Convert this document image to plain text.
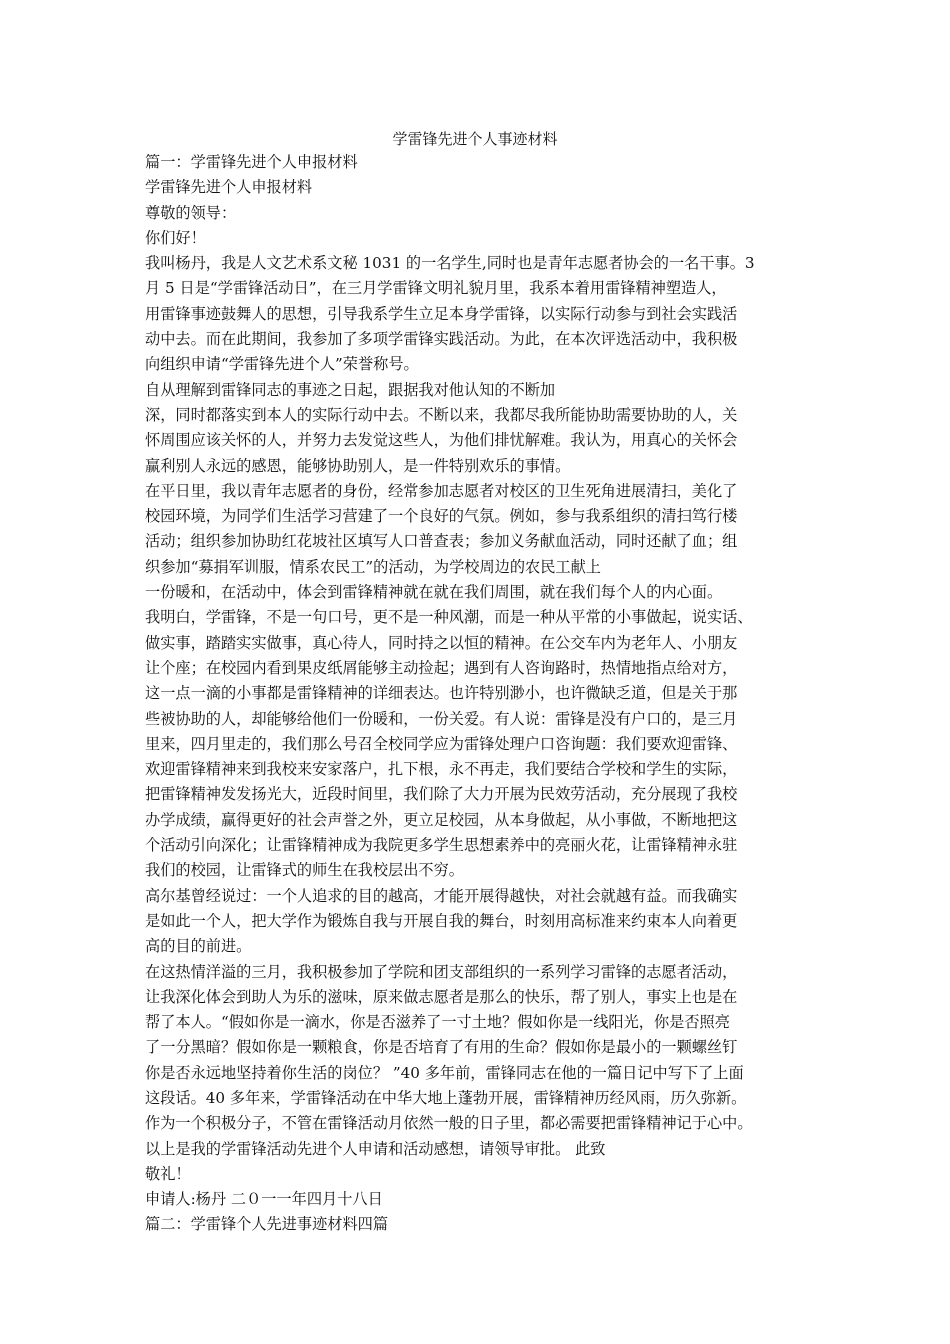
学雷锋先进个人事迹材料

篇一：学雷锋先进个人申报材料

学雷锋先进个人申报材料

尊敬的领导：

你们好！

我叫杨丹，我是人文艺术系文秘 1031 的一名学生,同时也是青年志愿者协会的一名干事。3

月 5 日是“学雷锋活动日”，在三月学雷锋文明礼貌月里，我系本着用雷锋精神塑造人，

用雷锋事迹鼓舞人的思想，引导我系学生立足本身学雷锋，以实际行动参与到社会实践活

动中去。而在此期间，我参加了多项学雷锋实践活动。为此，在本次评选活动中，我积极

向组织申请“学雷锋先进个人”荣誉称号。

自从理解到雷锋同志的事迹之日起，跟据我对他认知的不断加

深，同时都落实到本人的实际行动中去。不断以来，我都尽我所能协助需要协助的人，关

怀周围应该关怀的人，并努力去发觉这些人，为他们排忧解难。我认为，用真心的关怀会

赢利别人永远的感恩，能够协助别人，是一件特别欢乐的事情。

在平日里，我以青年志愿者的身份，经常参加志愿者对校区的卫生死角进展清扫，美化了

校园环境，为同学们生活学习营建了一个良好的气氛。例如，参与我系组织的清扫笃行楼

活动；组织参加协助红花坡社区填写人口普查表；参加义务献血活动，同时还献了血；组

织参加“募捐军训服，情系农民工”的活动，为学校周边的农民工献上

一份暖和，在活动中，体会到雷锋精神就在就在我们周围，就在我们每个人的内心面。

我明白，学雷锋，不是一句口号，更不是一种风潮，而是一种从平常的小事做起，说实话、

做实事，踏踏实实做事，真心待人，同时持之以恒的精神。在公交车内为老年人、小朋友

让个座；在校园内看到果皮纸屑能够主动捡起；遇到有人咨询路时，热情地指点给对方，

这一点一滴的小事都是雷锋精神的详细表达。也许特别渺小，也许微缺乏道，但是关于那

些被协助的人，却能够给他们一份暖和，一份关爱。有人说：雷锋是没有户口的，是三月

里来，四月里走的，我们那么号召全校同学应为雷锋处理户口咨询题：我们要欢迎雷锋、

欢迎雷锋精神来到我校来安家落户，扎下根，永不再走，我们要结合学校和学生的实际，

把雷锋精神发发扬光大，近段时间里，我们除了大力开展为民效劳活动，充分展现了我校

办学成绩，赢得更好的社会声誉之外，更立足校园，从本身做起，从小事做，不断地把这

个活动引向深化；让雷锋精神成为我院更多学生思想素养中的亮丽火花，让雷锋精神永驻

我们的校园，让雷锋式的师生在我校层出不穷。

高尔基曾经说过：一个人追求的目的越高，才能开展得越快，对社会就越有益。而我确实

是如此一个人，把大学作为锻炼自我与开展自我的舞台，时刻用高标准来约束本人向着更

高的目的前进。

在这热情洋溢的三月，我积极参加了学院和团支部组织的一系列学习雷锋的志愿者活动，

让我深化体会到助人为乐的滋味，原来做志愿者是那么的快乐，帮了别人，事实上也是在

帮了本人。“假如你是一滴水，你是否滋养了一寸土地？假如你是一线阳光，你是否照亮

了一分黑暗？假如你是一颗粮食，你是否培育了有用的生命？假如你是最小的一颗螺丝钉

你是否永远地坚持着你生活的岗位？ ”40 多年前，雷锋同志在他的一篇日记中写下了上面

这段话。40 多年来，学雷锋活动在中华大地上蓬勃开展，雷锋精神历经风雨，历久弥新。

作为一个积极分子，不管在雷锋活动月依然一般的日子里，都必需要把雷锋精神记于心中。

以上是我的学雷锋活动先进个人申请和活动感想，请领导审批。 此致

敬礼！

申请人:杨丹 二０一一年四月十八日

篇二：学雷锋个人先进事迹材料四篇
